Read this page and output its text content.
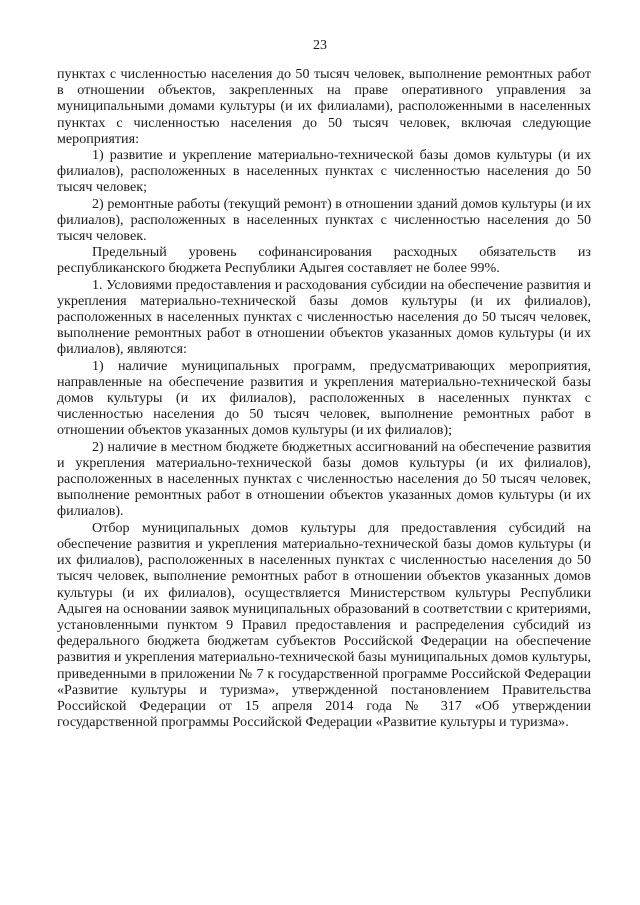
23

пунктах с численностью населения до 50 тысяч человек, выполнение ремонтных работ в отношении объектов, закрепленных на праве оперативного управления за муниципальными домами культуры (и их филиалами), расположенными в населенных пунктах с численностью населения до 50 тысяч человек, включая следующие мероприятия:

1) развитие и укрепление материально-технической базы домов культуры (и их филиалов), расположенных в населенных пунктах с численностью населения до 50 тысяч человек;

2) ремонтные работы (текущий ремонт) в отношении зданий домов культуры (и их филиалов), расположенных в населенных пунктах с численностью населения до 50 тысяч человек.

Предельный уровень софинансирования расходных обязательств из республиканского бюджета Республики Адыгея составляет не более 99%.

1. Условиями предоставления и расходования субсидии на обеспечение развития и укрепления материально-технической базы домов культуры (и их филиалов), расположенных в населенных пунктах с численностью населения до 50 тысяч человек, выполнение ремонтных работ в отношении объектов указанных домов культуры (и их филиалов), являются:

1) наличие муниципальных программ, предусматривающих мероприятия, направленные на обеспечение развития и укрепления материально-технической базы домов культуры (и их филиалов), расположенных в населенных пунктах с численностью населения до 50 тысяч человек, выполнение ремонтных работ в отношении объектов указанных домов культуры (и их филиалов);

2) наличие в местном бюджете бюджетных ассигнований на обеспечение развития и укрепления материально-технической базы домов культуры (и их филиалов), расположенных в населенных пунктах с численностью населения до 50 тысяч человек, выполнение ремонтных работ в отношении объектов указанных домов культуры (и их филиалов).

Отбор муниципальных домов культуры для предоставления субсидий на обеспечение развития и укрепления материально-технической базы домов культуры (и их филиалов), расположенных в населенных пунктах с численностью населения до 50 тысяч человек, выполнение ремонтных работ в отношении объектов указанных домов культуры (и их филиалов), осуществляется Министерством культуры Республики Адыгея на основании заявок муниципальных образований в соответствии с критериями, установленными пунктом 9 Правил предоставления и распределения субсидий из федерального бюджета бюджетам субъектов Российской Федерации на обеспечение развития и укрепления материально-технической базы муниципальных домов культуры, приведенными в приложении № 7 к государственной программе Российской Федерации «Развитие культуры и туризма», утвержденной постановлением Правительства Российской Федерации от 15 апреля 2014 года № 317 «Об утверждении государственной программы Российской Федерации «Развитие культуры и туризма».
